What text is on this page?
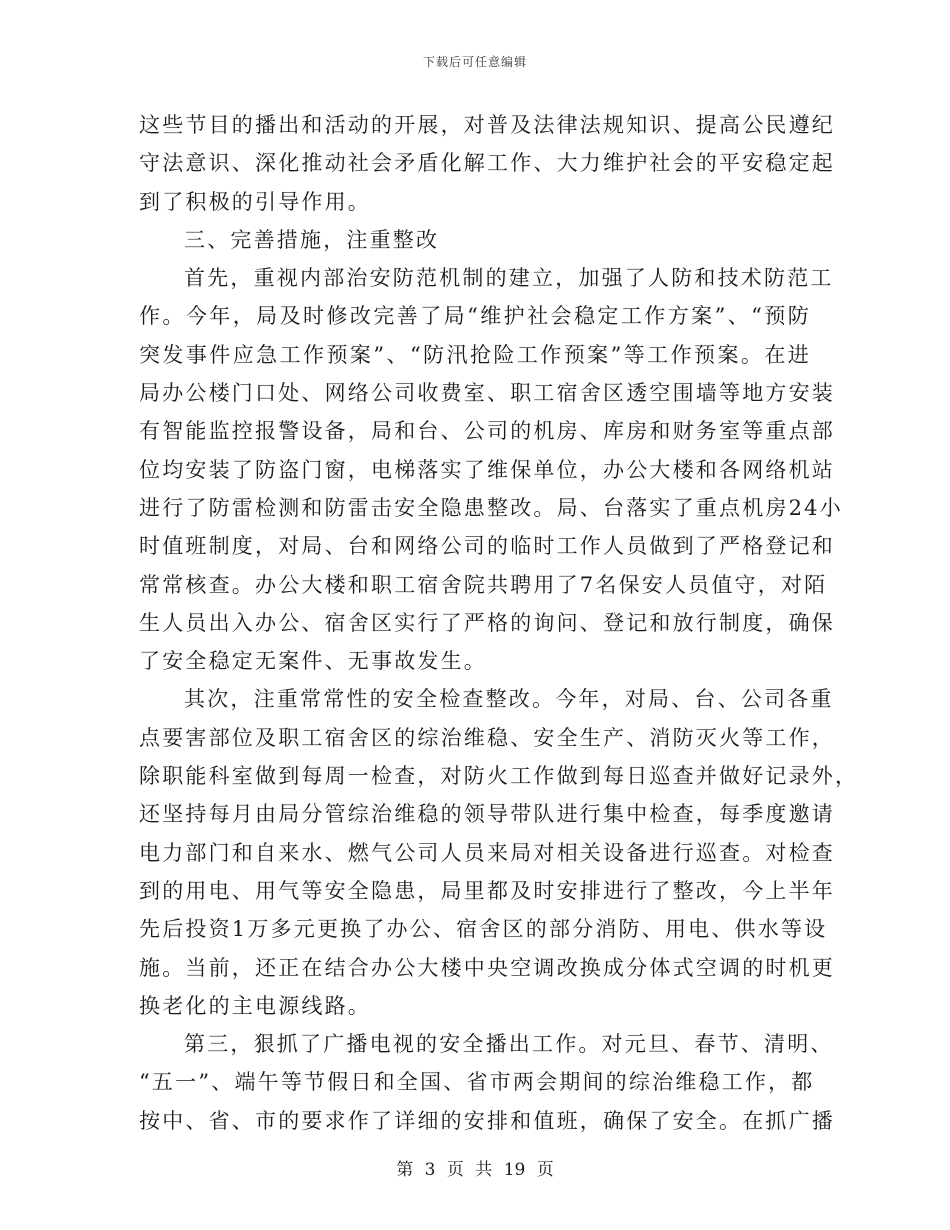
下载后可任意编辑
这些节目的播出和活动的开展，对普及法律法规知识、提高公民遵纪
守法意识、深化推动社会矛盾化解工作、大力维护社会的平安稳定起
到了积极的引导作用。
三、完善措施，注重整改
首先，重视内部治安防范机制的建立，加强了人防和技术防范工
作。今年，局及时修改完善了局“维护社会稳定工作方案”、“预防
突发事件应急工作预案”、“防汛抢险工作预案”等工作预案。在进
局办公楼门口处、网络公司收费室、职工宿舍区透空围墙等地方安装
有智能监控报警设备，局和台、公司的机房、库房和财务室等重点部
位均安装了防盗门窗，电梯落实了维保单位，办公大楼和各网络机站
进行了防雷检测和防雷击安全隐患整改。局、台落实了重点机房24小
时值班制度，对局、台和网络公司的临时工作人员做到了严格登记和
常常核查。办公大楼和职工宿舍院共聘用了7名保安人员值守，对陌
生人员出入办公、宿舍区实行了严格的询问、登记和放行制度，确保
了安全稳定无案件、无事故发生。
其次，注重常常性的安全检查整改。今年，对局、台、公司各重
点要害部位及职工宿舍区的综治维稳、安全生产、消防灭火等工作，
除职能科室做到每周一检查，对防火工作做到每日巡查并做好记录外，
还坚持每月由局分管综治维稳的领导带队进行集中检查，每季度邀请
电力部门和自来水、燃气公司人员来局对相关设备进行巡查。对检查
到的用电、用气等安全隐患，局里都及时安排进行了整改，今上半年
先后投资1万多元更换了办公、宿舍区的部分消防、用电、供水等设
施。当前，还正在结合办公大楼中央空调改换成分体式空调的时机更
换老化的主电源线路。
第三，狠抓了广播电视的安全播出工作。对元旦、春节、清明、
“五一”、端午等节假日和全国、省市两会期间的综治维稳工作，都
按中、省、市的要求作了详细的安排和值班，确保了安全。在抓广播
第 3 页 共 19 页
